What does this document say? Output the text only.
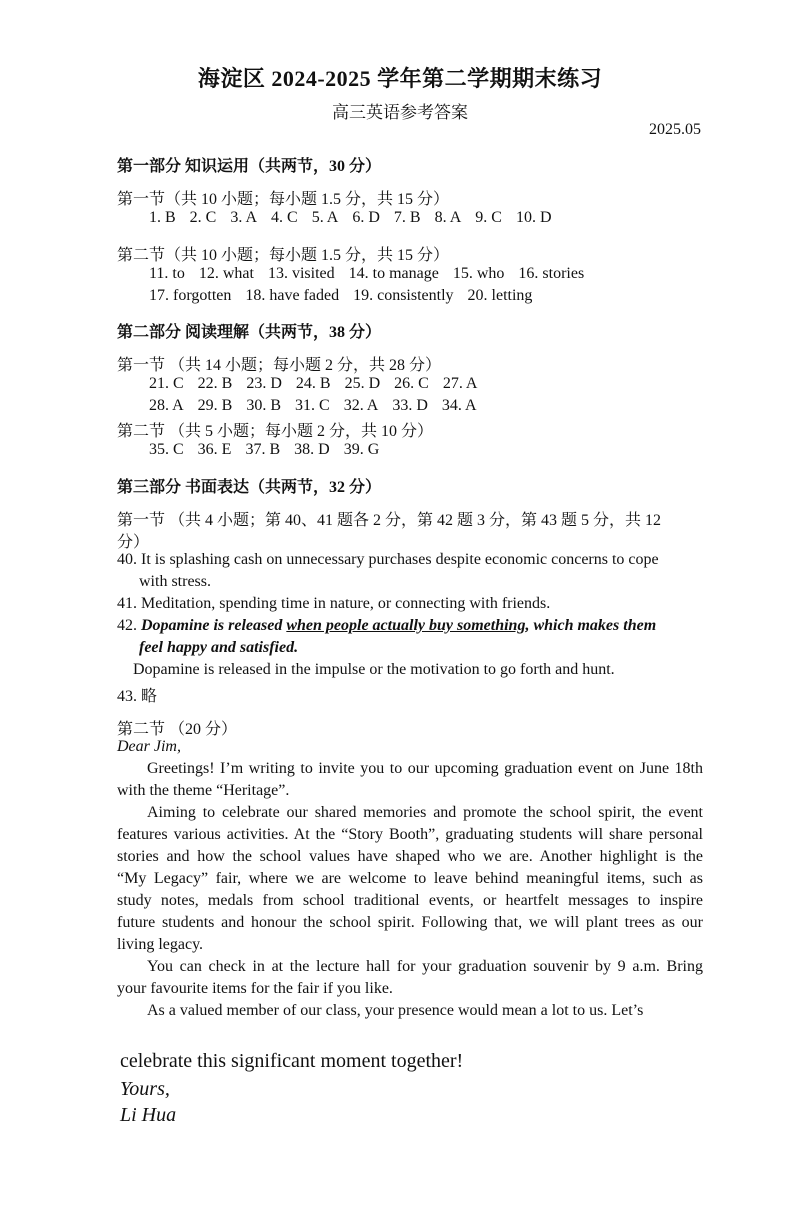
海淀区 2024-2025 学年第二学期期末练习
高三英语参考答案
2025.05
第一部分 知识运用（共两节，30 分）
第一节（共 10 小题；每小题 1.5 分，共 15 分）
1. B 2. C 3. A 4. C 5. A 6. D 7. B 8. A 9. C 10. D
第二节（共 10 小题；每小题 1.5 分，共 15 分）
11. to 12. what 13. visited 14. to manage 15. who 16. stories
17. forgotten 18. have faded 19. consistently 20. letting
第二部分 阅读理解（共两节，38 分）
第一节 （共 14 小题；每小题 2 分，共 28 分）
21. C 22. B 23. D 24. B 25. D 26. C 27. A
28. A 29. B 30. B 31. C 32. A 33. D 34. A
第二节 （共 5 小题；每小题 2 分，共 10 分）
35. C 36. E 37. B 38. D 39. G
第三部分 书面表达（共两节，32 分）
第一节 （共 4 小题；第 40、41 题各 2 分，第 42 题 3 分，第 43 题 5 分，共 12
分）
40. It is splashing cash on unnecessary purchases despite economic concerns to cope
with stress.
41. Meditation, spending time in nature, or connecting with friends.
42. Dopamine is released when people actually buy something, which makes them
feel happy and satisfied.
Dopamine is released in the impulse or the motivation to go forth and hunt.
43. 略
第二节 （20 分）
Dear Jim,
Greetings! I’m writing to invite you to our upcoming graduation event on June 18th
with the theme “Heritage”.
Aiming to celebrate our shared memories and promote the school spirit, the event
features various activities. At the “Story Booth”, graduating students will share personal
stories and how the school values have shaped who we are. Another highlight is the
“My Legacy” fair, where we are welcome to leave behind meaningful items, such as
study notes, medals from school traditional events, or heartfelt messages to inspire
future students and honour the school spirit. Following that, we will plant trees as our
living legacy.
You can check in at the lecture hall for your graduation souvenir by 9 a.m. Bring
your favourite items for the fair if you like.
As a valued member of our class, your presence would mean a lot to us. Let’s
celebrate this significant moment together!
Yours,
Li Hua
